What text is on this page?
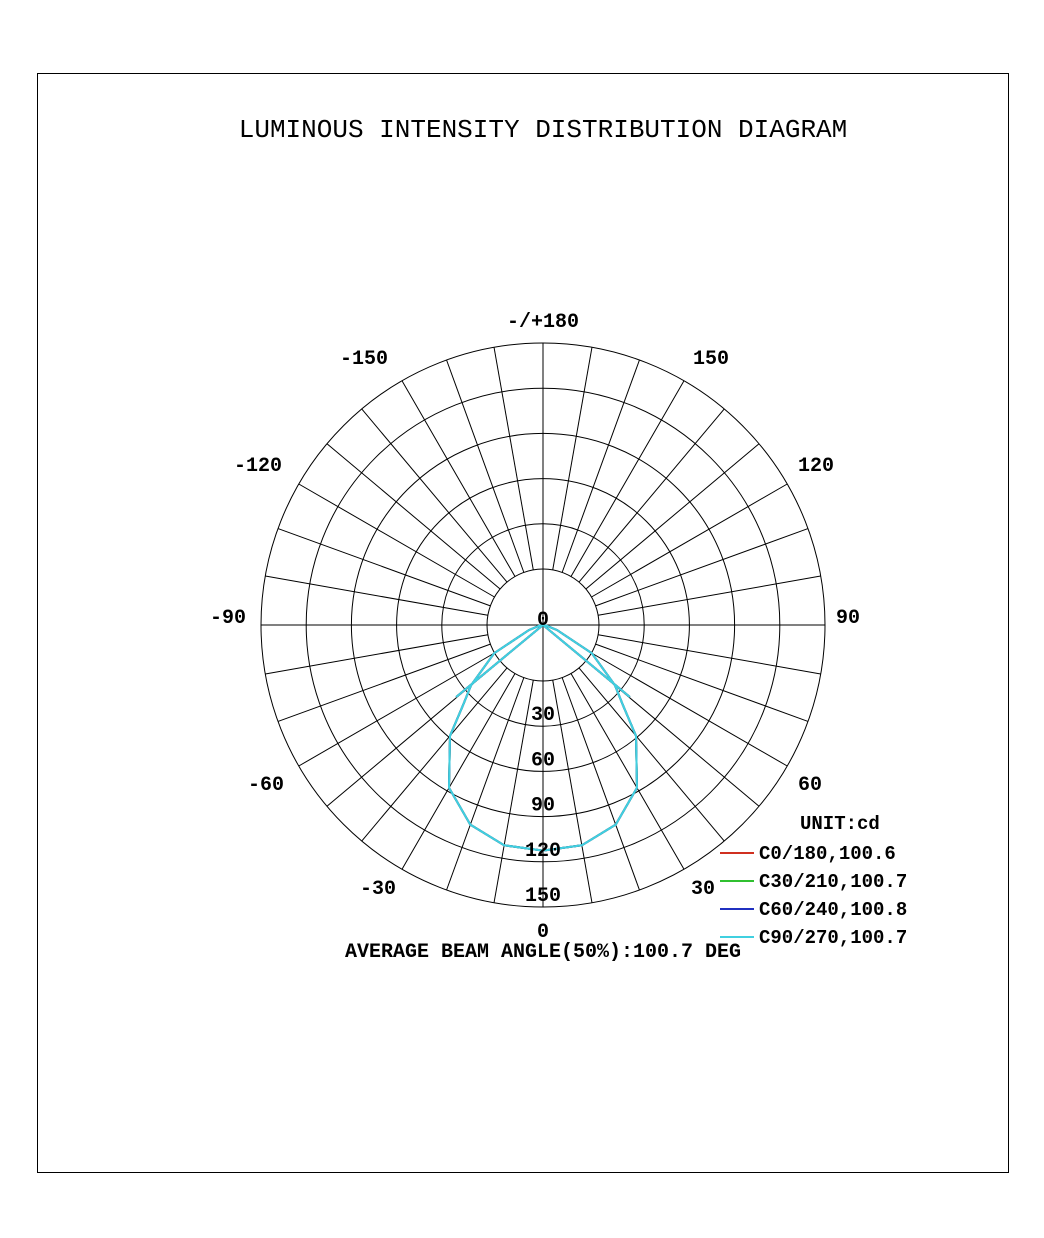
LUMINOUS INTENSITY DISTRIBUTION DIAGRAM
0
30
60
90
120
150
-/+180
-150
-120
-90
-60
-30
30
60
90
120
150
0
AVERAGE BEAM ANGLE(50%):100.7 DEG
UNIT:cd
C0/180,100.6
C30/210,100.7
C60/240,100.8
C90/270,100.7
